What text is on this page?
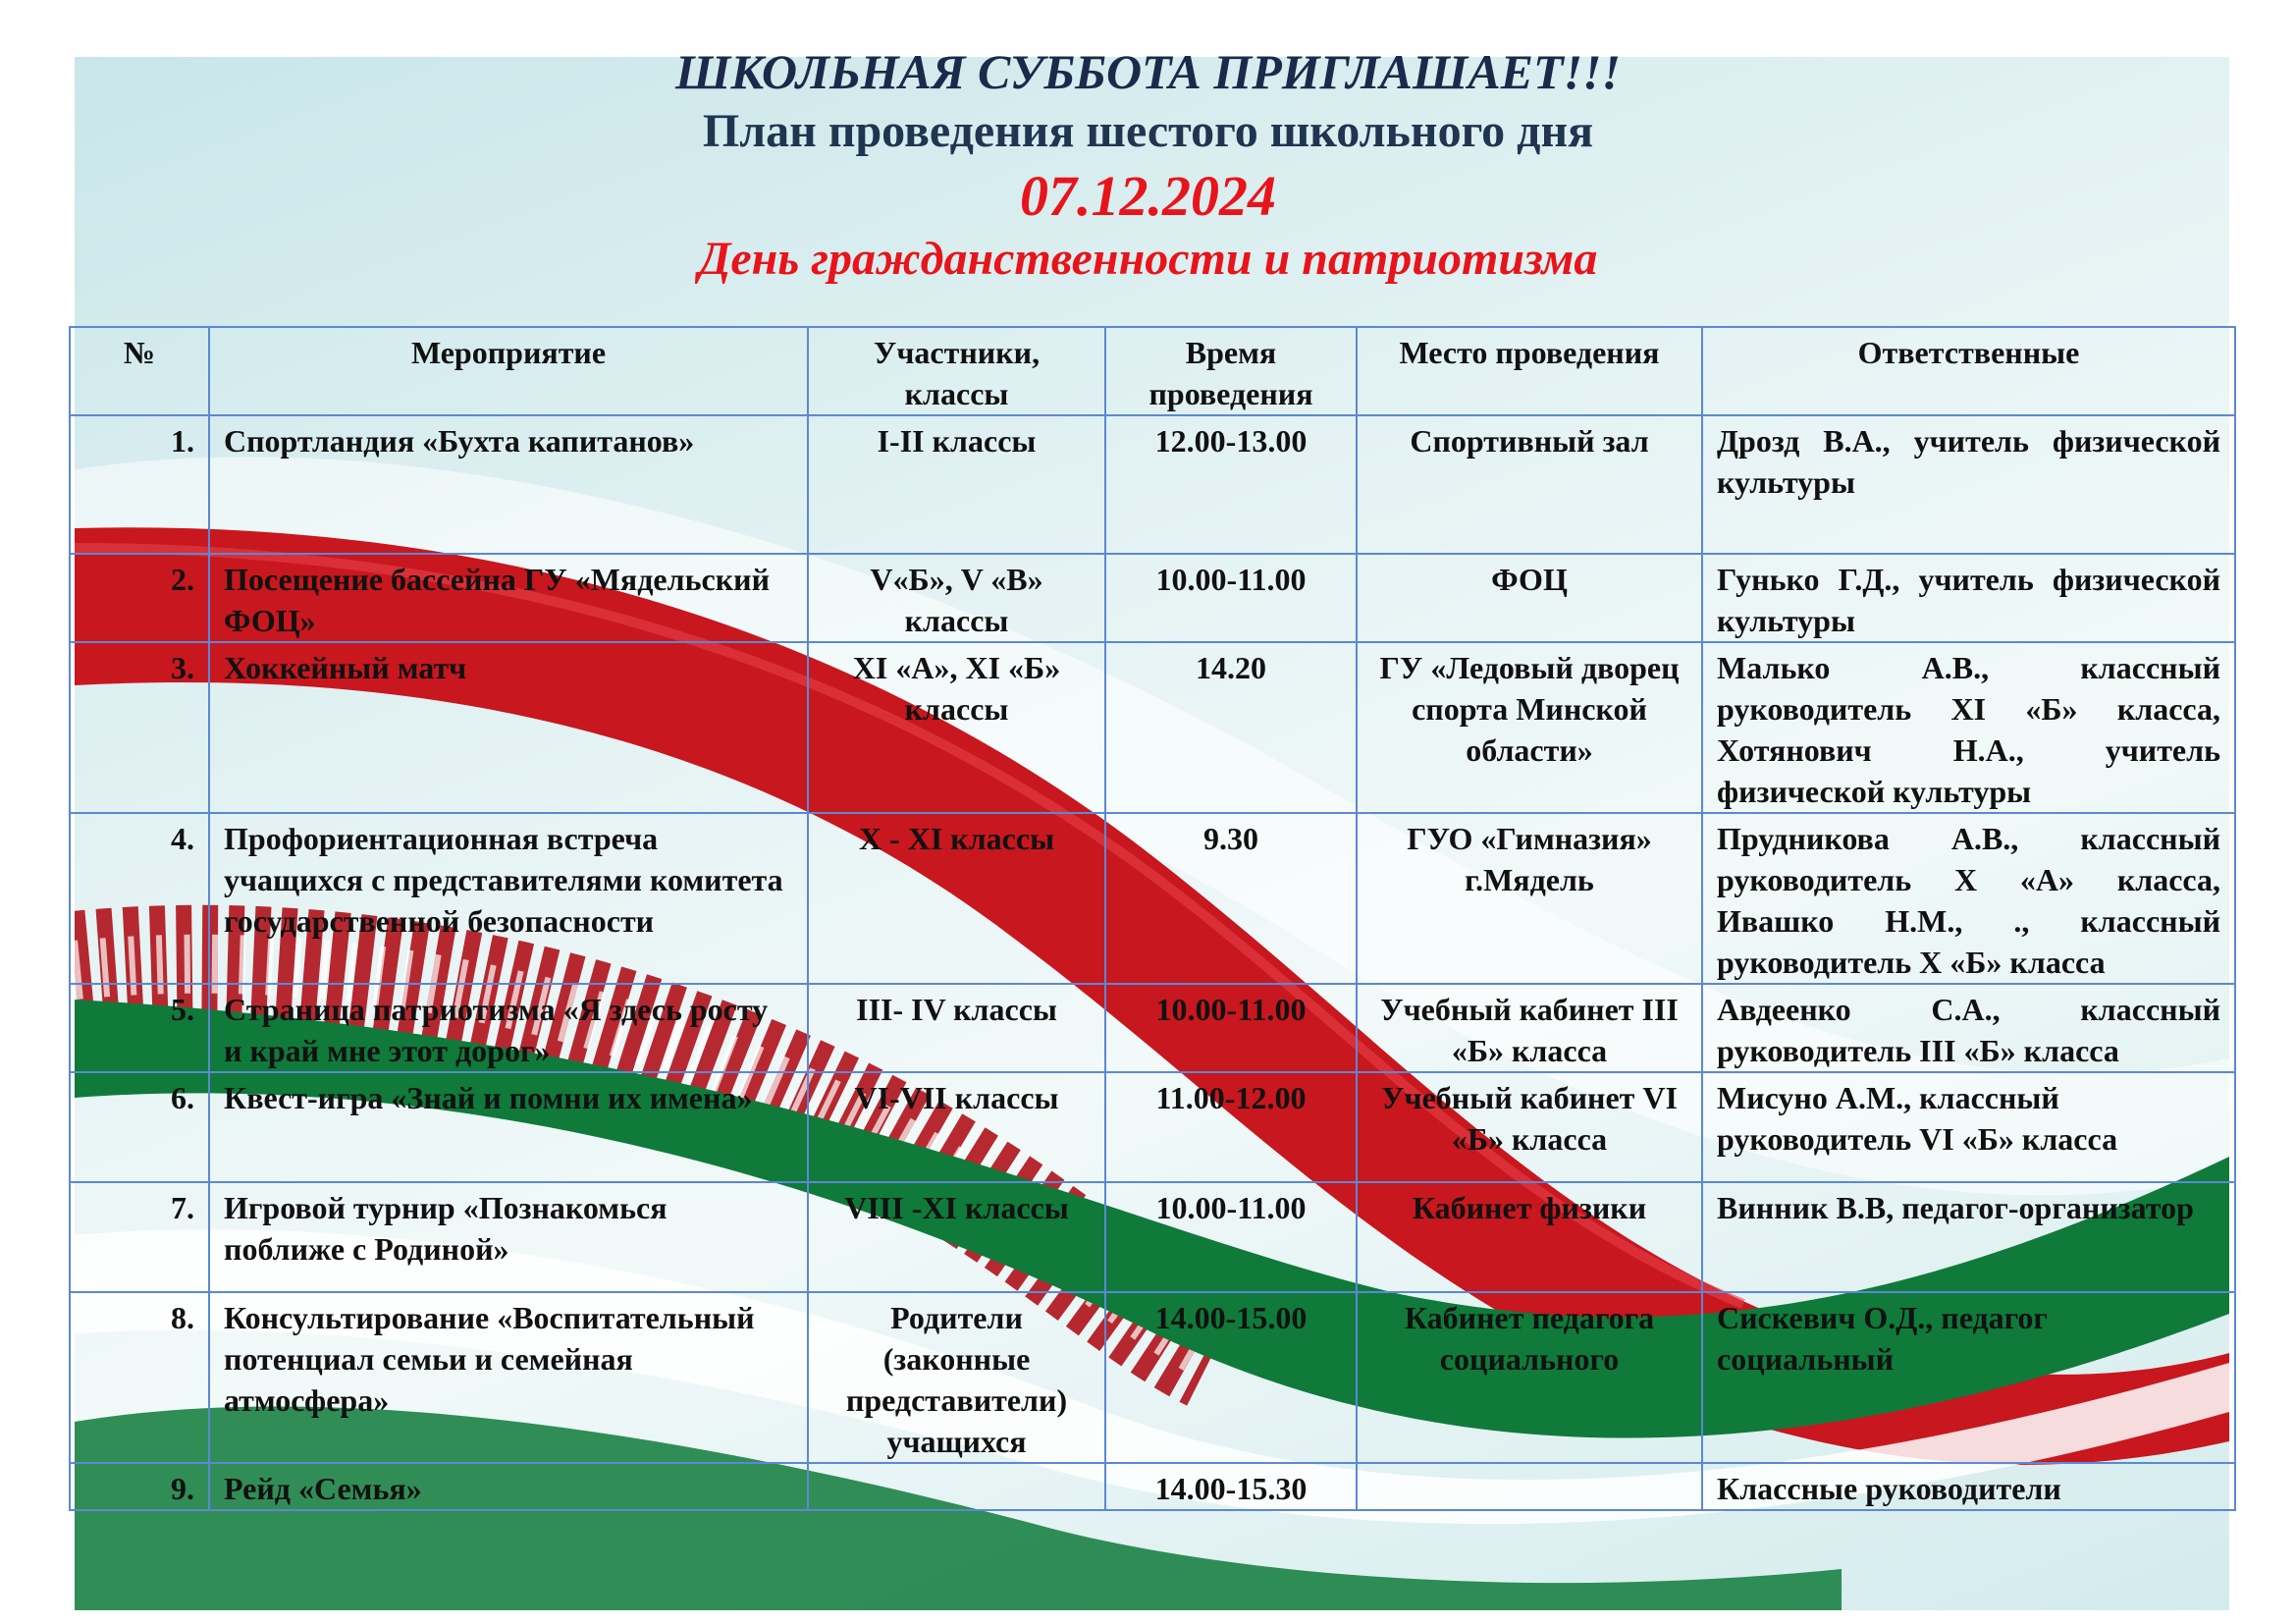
ШКОЛЬНАЯ СУББОТА ПРИГЛАШАЕТ!!!
План проведения шестого школьного дня
07.12.2024
День гражданственности и патриотизма
№	Мероприятие	Участники, классы	Время проведения	Место проведения	Ответственные
1.	Спортландия «Бухта капитанов»	I-II классы	12.00-13.00	Спортивный зал	Дрозд В.А., учитель физической культуры
2.	Посещение бассейна ГУ «Мядельский ФОЦ»	V«Б», V «В» классы	10.00-11.00	ФОЦ	Гунько Г.Д., учитель физической культуры
3.	Хоккейный матч	XI «А», XI «Б» классы	14.20	ГУ «Ледовый дворец спорта Минской области»	Малько А.В., классный руководитель XI «Б» класса, Хотянович Н.А., учитель физической культуры
4.	Профориентационная встреча учащихся с представителями комитета государственной безопасности	X - XI классы	9.30	ГУО «Гимназия» г.Мядель	Прудникова А.В., классный руководитель X «А» класса, Ивашко Н.М., ., классный руководитель X «Б» класса
5.	Страница патриотизма «Я здесь росту и край мне этот дорог»	III- IV классы	10.00-11.00	Учебный кабинет III «Б» класса	Авдеенко С.А., классный руководитель III «Б» класса
6.	Квест-игра «Знай и помни их имена»	VI-VII классы	11.00-12.00	Учебный кабинет VI «Б» класса	Мисуно А.М., классный руководитель VI «Б» класса
7.	Игровой турнир «Познакомься поближе с Родиной»	VIII -XI классы	10.00-11.00	Кабинет физики	Винник В.В, педагог-организатор
8.	Консультирование «Воспитательный потенциал семьи и семейная атмосфера»	Родители (законные представители) учащихся	14.00-15.00	Кабинет педагога социального	Сискевич О.Д., педагог социальный
9.	Рейд «Семья»		14.00-15.30		Классные руководители
